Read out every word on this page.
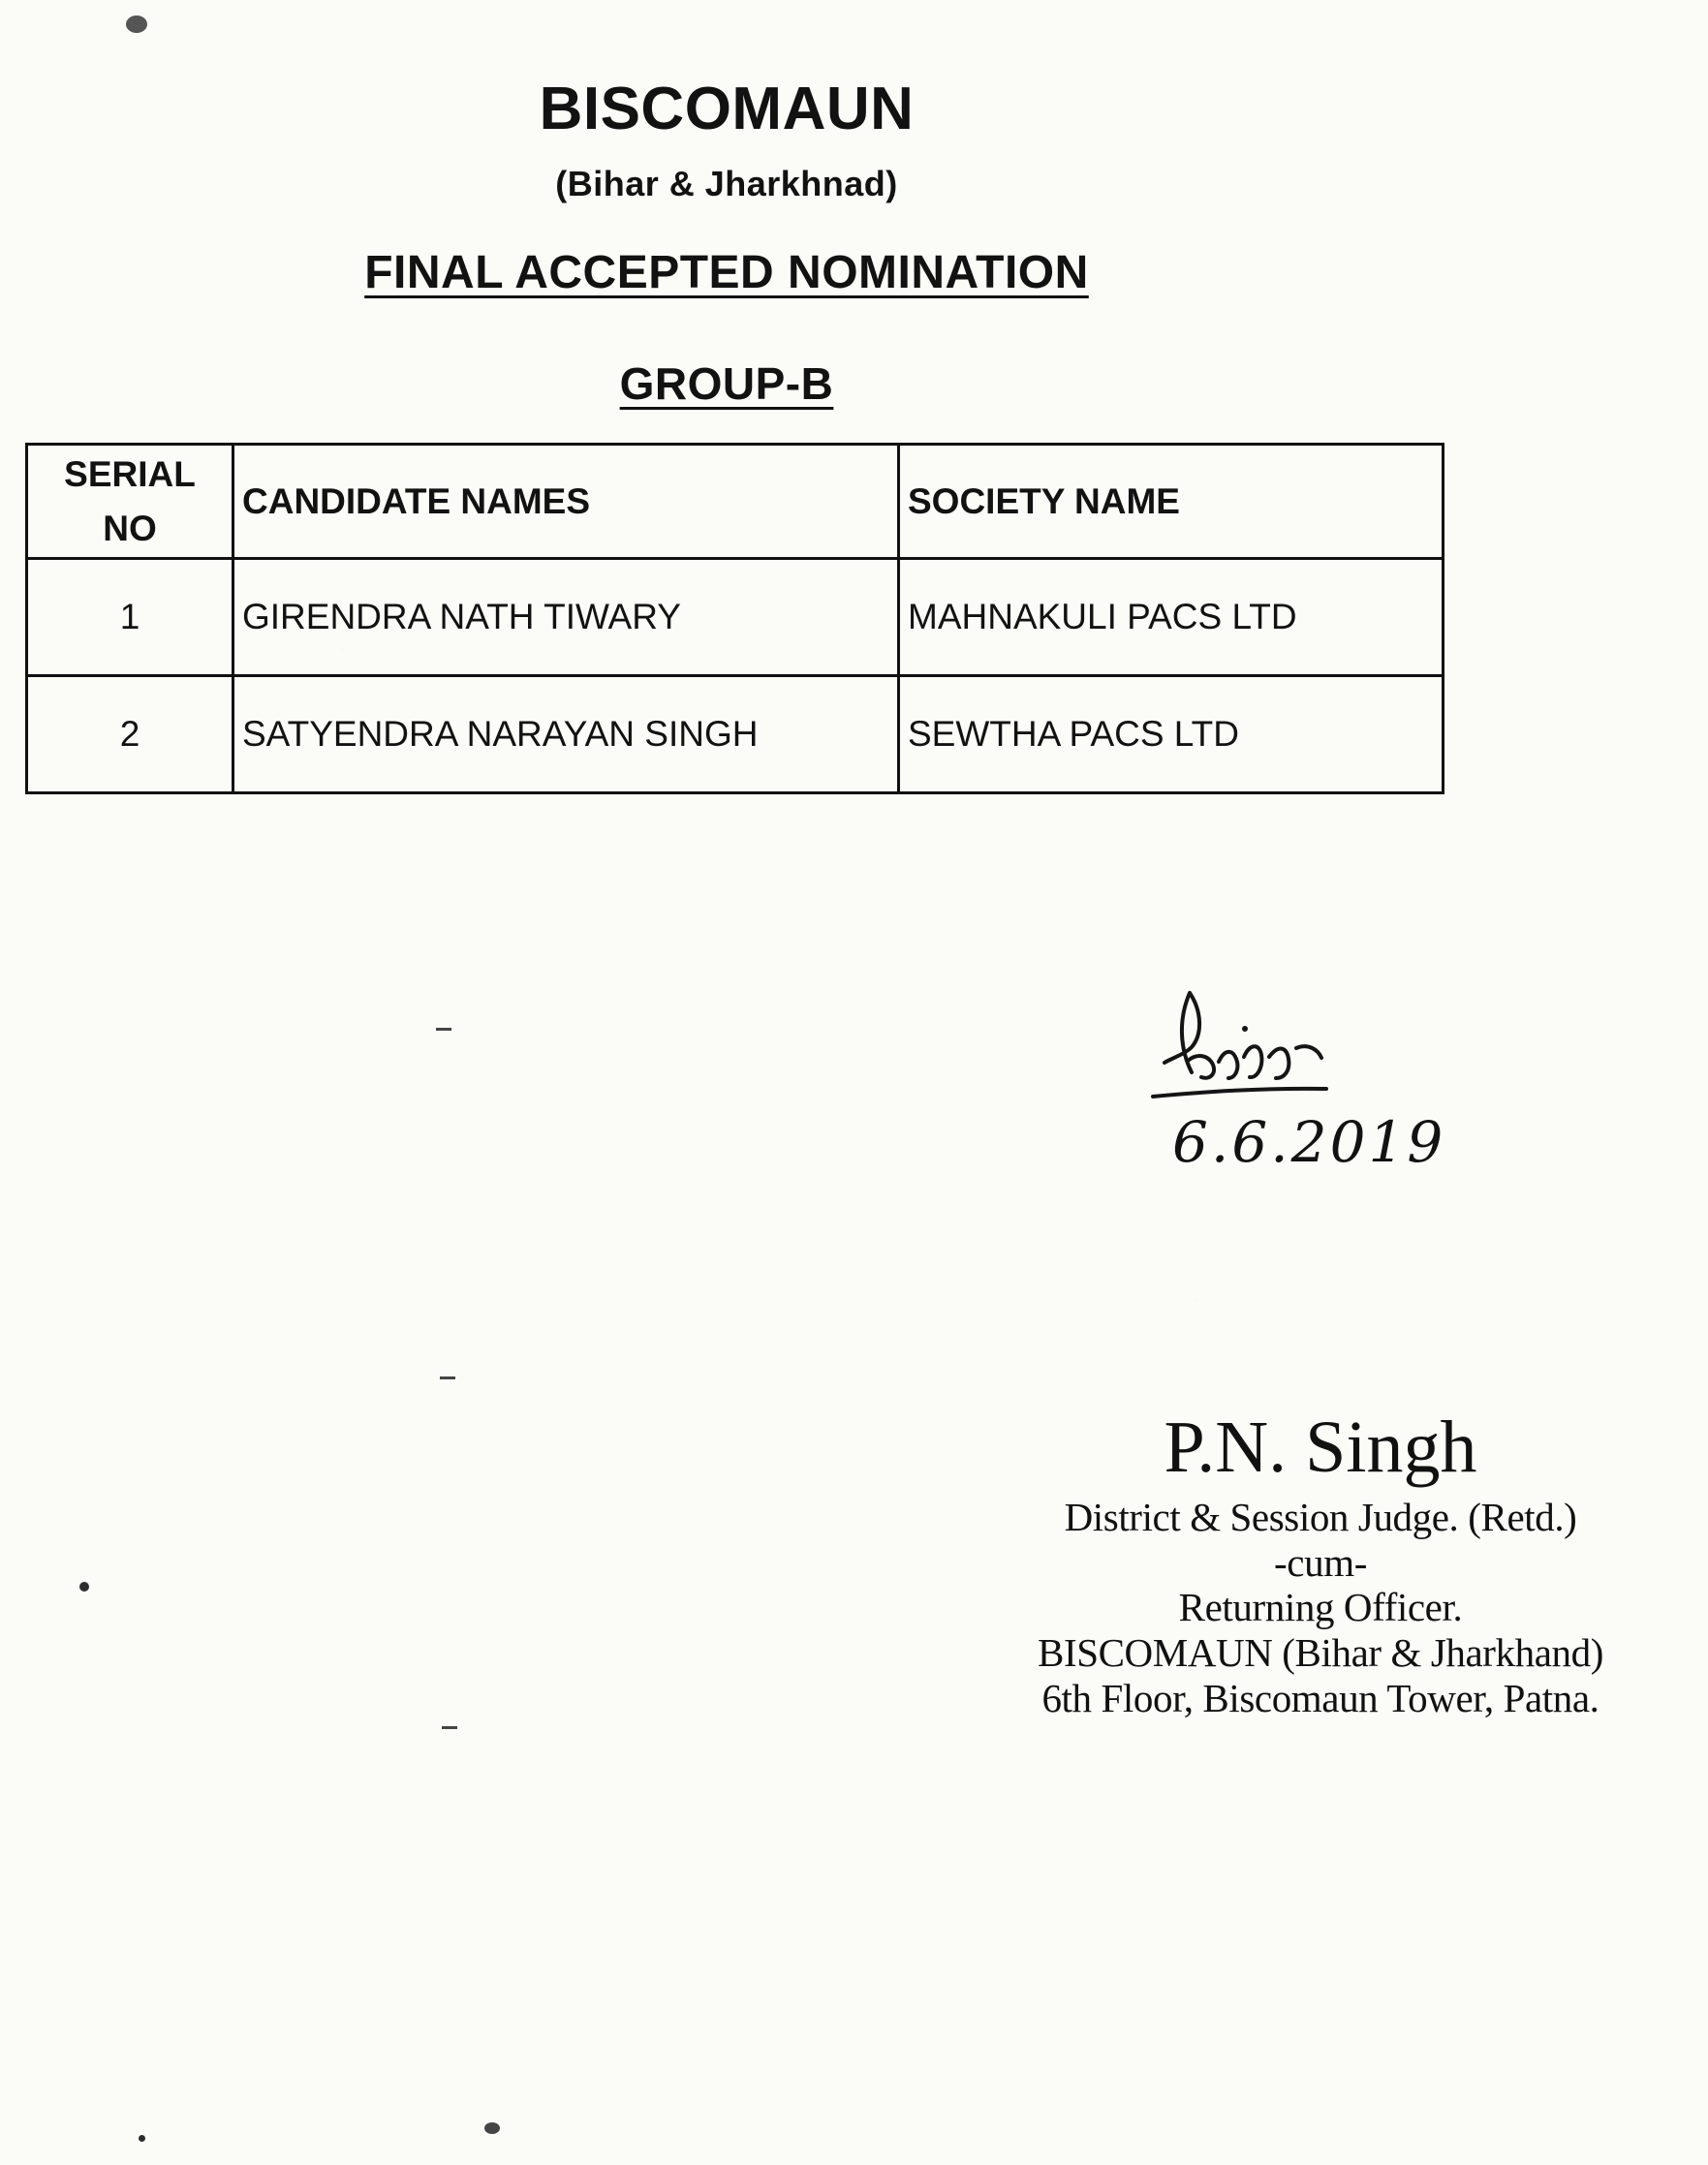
BISCOMAUN
(Bihar & Jharkhnad)
FINAL ACCEPTED NOMINATION
GROUP-B
SERIAL
NO	CANDIDATE NAMES	SOCIETY NAME
1	GIRENDRA NATH TIWARY	MAHNAKULI PACS LTD
2	SATYENDRA NARAYAN SINGH	SEWTHA PACS LTD
6.6.2019
P.N. Singh
District & Session Judge. (Retd.)
-cum-
Returning Officer.
BISCOMAUN (Bihar & Jharkhand)
6th Floor, Biscomaun Tower, Patna.
